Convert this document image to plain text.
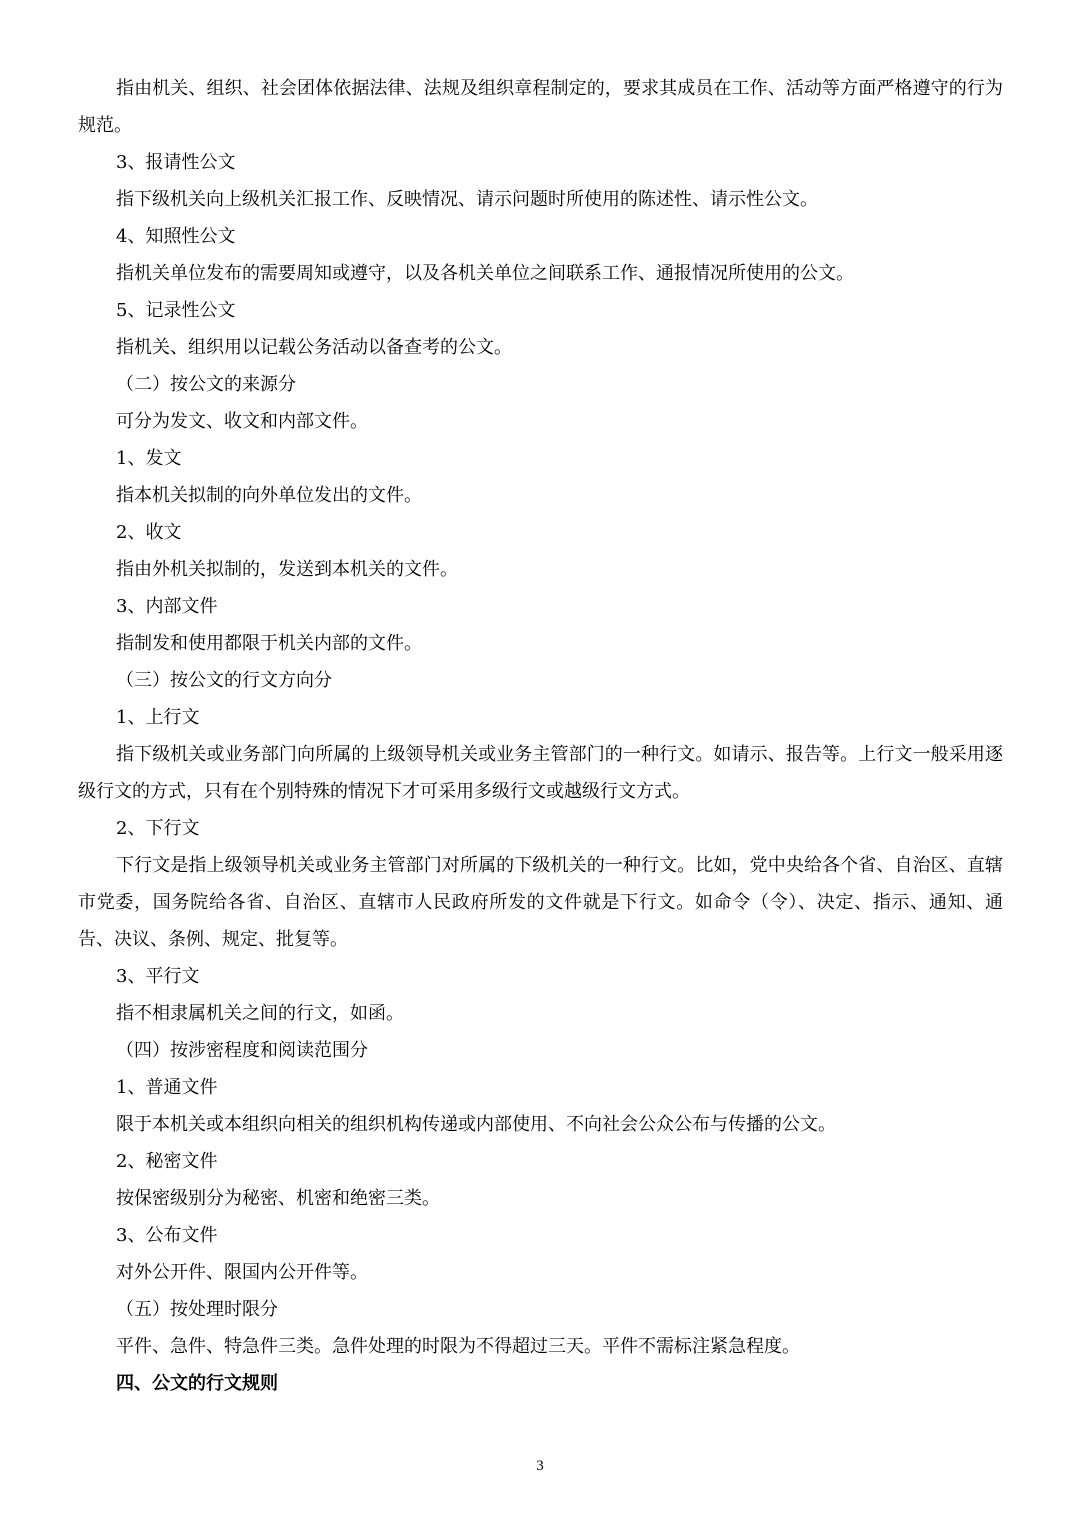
指由机关、组织、社会团体依据法律、法规及组织章程制定的，要求其成员在工作、活动等方面严格遵守的行为规范。

3、报请性公文

指下级机关向上级机关汇报工作、反映情况、请示问题时所使用的陈述性、请示性公文。

4、知照性公文

指机关单位发布的需要周知或遵守，以及各机关单位之间联系工作、通报情况所使用的公文。

5、记录性公文

指机关、组织用以记载公务活动以备查考的公文。

（二）按公文的来源分

可分为发文、收文和内部文件。

1、发文

指本机关拟制的向外单位发出的文件。

2、收文

指由外机关拟制的，发送到本机关的文件。

3、内部文件

指制发和使用都限于机关内部的文件。

（三）按公文的行文方向分

1、上行文

指下级机关或业务部门向所属的上级领导机关或业务主管部门的一种行文。如请示、报告等。上行文一般采用逐级行文的方式，只有在个别特殊的情况下才可采用多级行文或越级行文方式。

2、下行文

下行文是指上级领导机关或业务主管部门对所属的下级机关的一种行文。比如，党中央给各个省、自治区、直辖市党委，国务院给各省、自治区、直辖市人民政府所发的文件就是下行文。如命令（令）、决定、指示、通知、通告、决议、条例、规定、批复等。

3、平行文

指不相隶属机关之间的行文，如函。

（四）按涉密程度和阅读范围分

1、普通文件

限于本机关或本组织向相关的组织机构传递或内部使用、不向社会公众公布与传播的公文。

2、秘密文件

按保密级别分为秘密、机密和绝密三类。

3、公布文件

对外公开件、限国内公开件等。

（五）按处理时限分

平件、急件、特急件三类。急件处理的时限为不得超过三天。平件不需标注紧急程度。

四、公文的行文规则

3
